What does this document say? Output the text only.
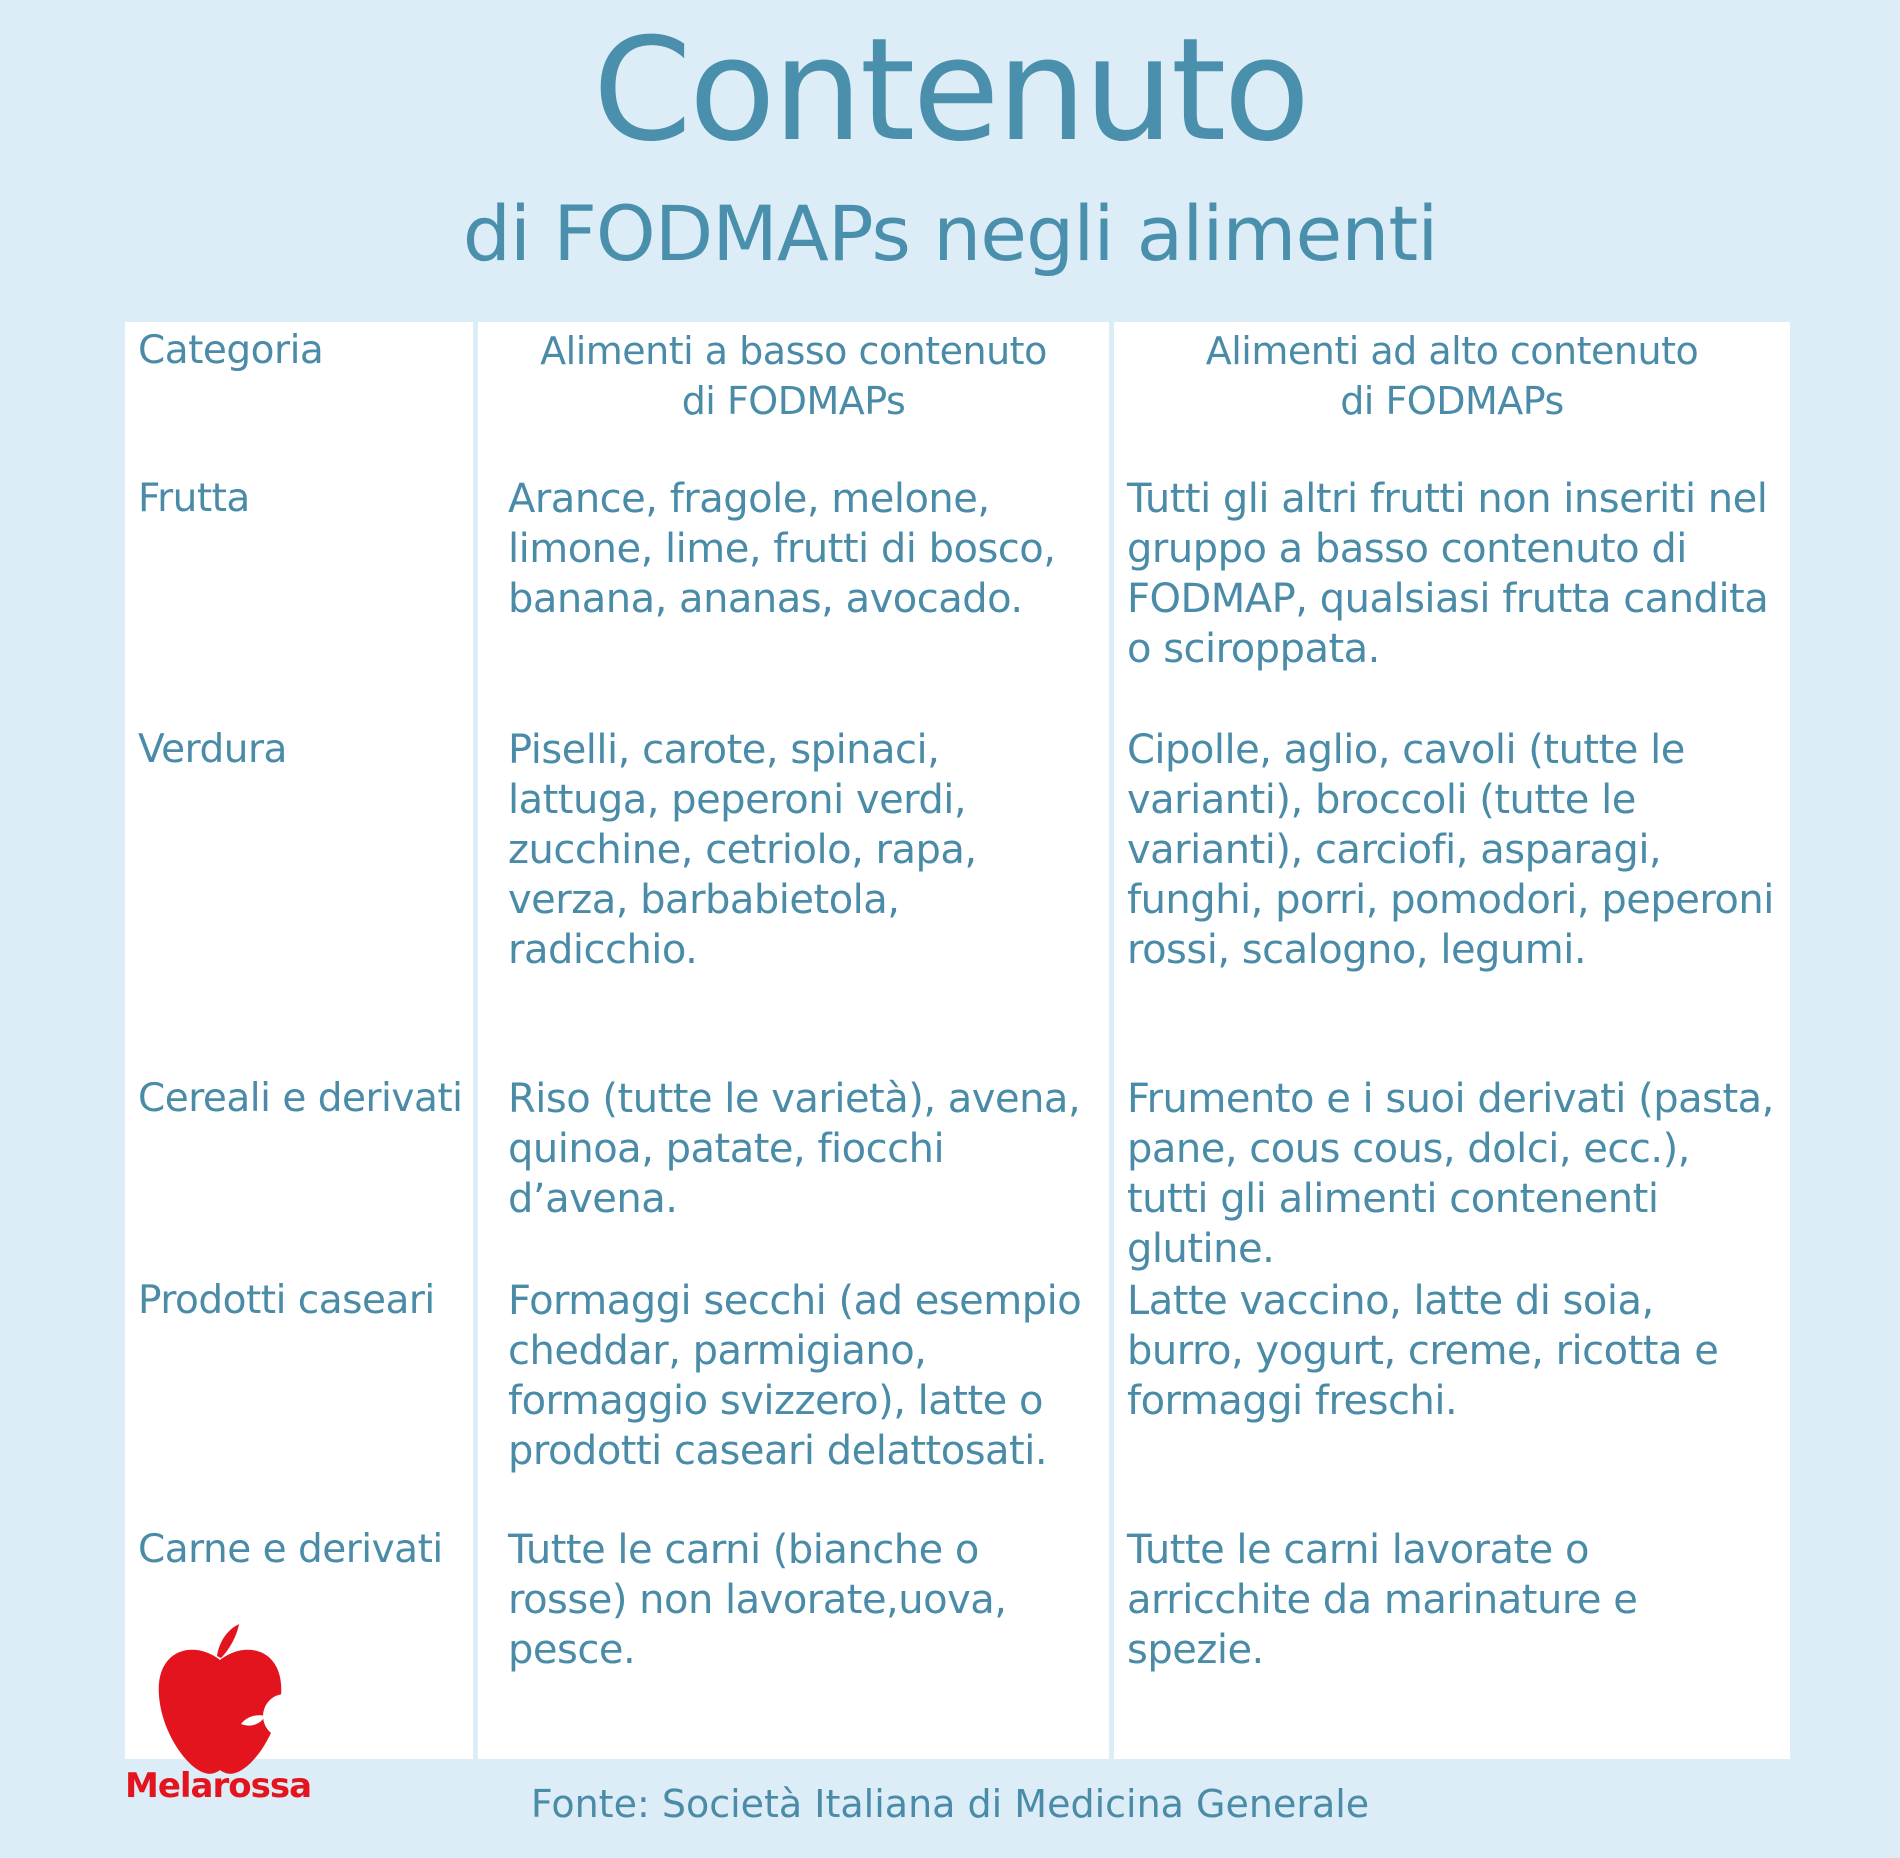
Contenuto
di FODMAPs negli alimenti
Categoria
Frutta
Verdura
Cereali e derivati
Prodotti caseari
Carne e derivati
Alimenti a basso contenuto di FODMAPs
Arance, fragole, melone, limone, lime, frutti di bosco, banana, ananas, avocado.
Piselli, carote, spinaci, lattuga, peperoni verdi, zucchine, cetriolo, rapa, verza, barbabietola, radicchio.
Riso (tutte le varietà), avena, quinoa, patate, fiocchi d’avena.
Formaggi secchi (ad esempio cheddar, parmigiano, formaggio svizzero), latte o prodotti caseari delattosati.
Tutte le carni (bianche o rosse) non lavorate,uova, pesce.
Alimenti ad alto contenuto di FODMAPs
Tutti gli altri frutti non inseriti nel gruppo a basso contenuto di FODMAP, qualsiasi frutta candita o sciroppata.
Cipolle, aglio, cavoli (tutte le varianti), broccoli (tutte le varianti), carciofi, asparagi, funghi, porri, pomodori, peperoni rossi, scalogno, legumi.
Frumento e i suoi derivati (pasta, pane, cous cous, dolci, ecc.), tutti gli alimenti contenenti glutine.
Latte vaccino, latte di soia, burro, yogurt, creme, ricotta e formaggi freschi.
Tutte le carni lavorate o arricchite da marinature e spezie.
Melarossa	Fonte: Società Italiana di Medicina Generale
